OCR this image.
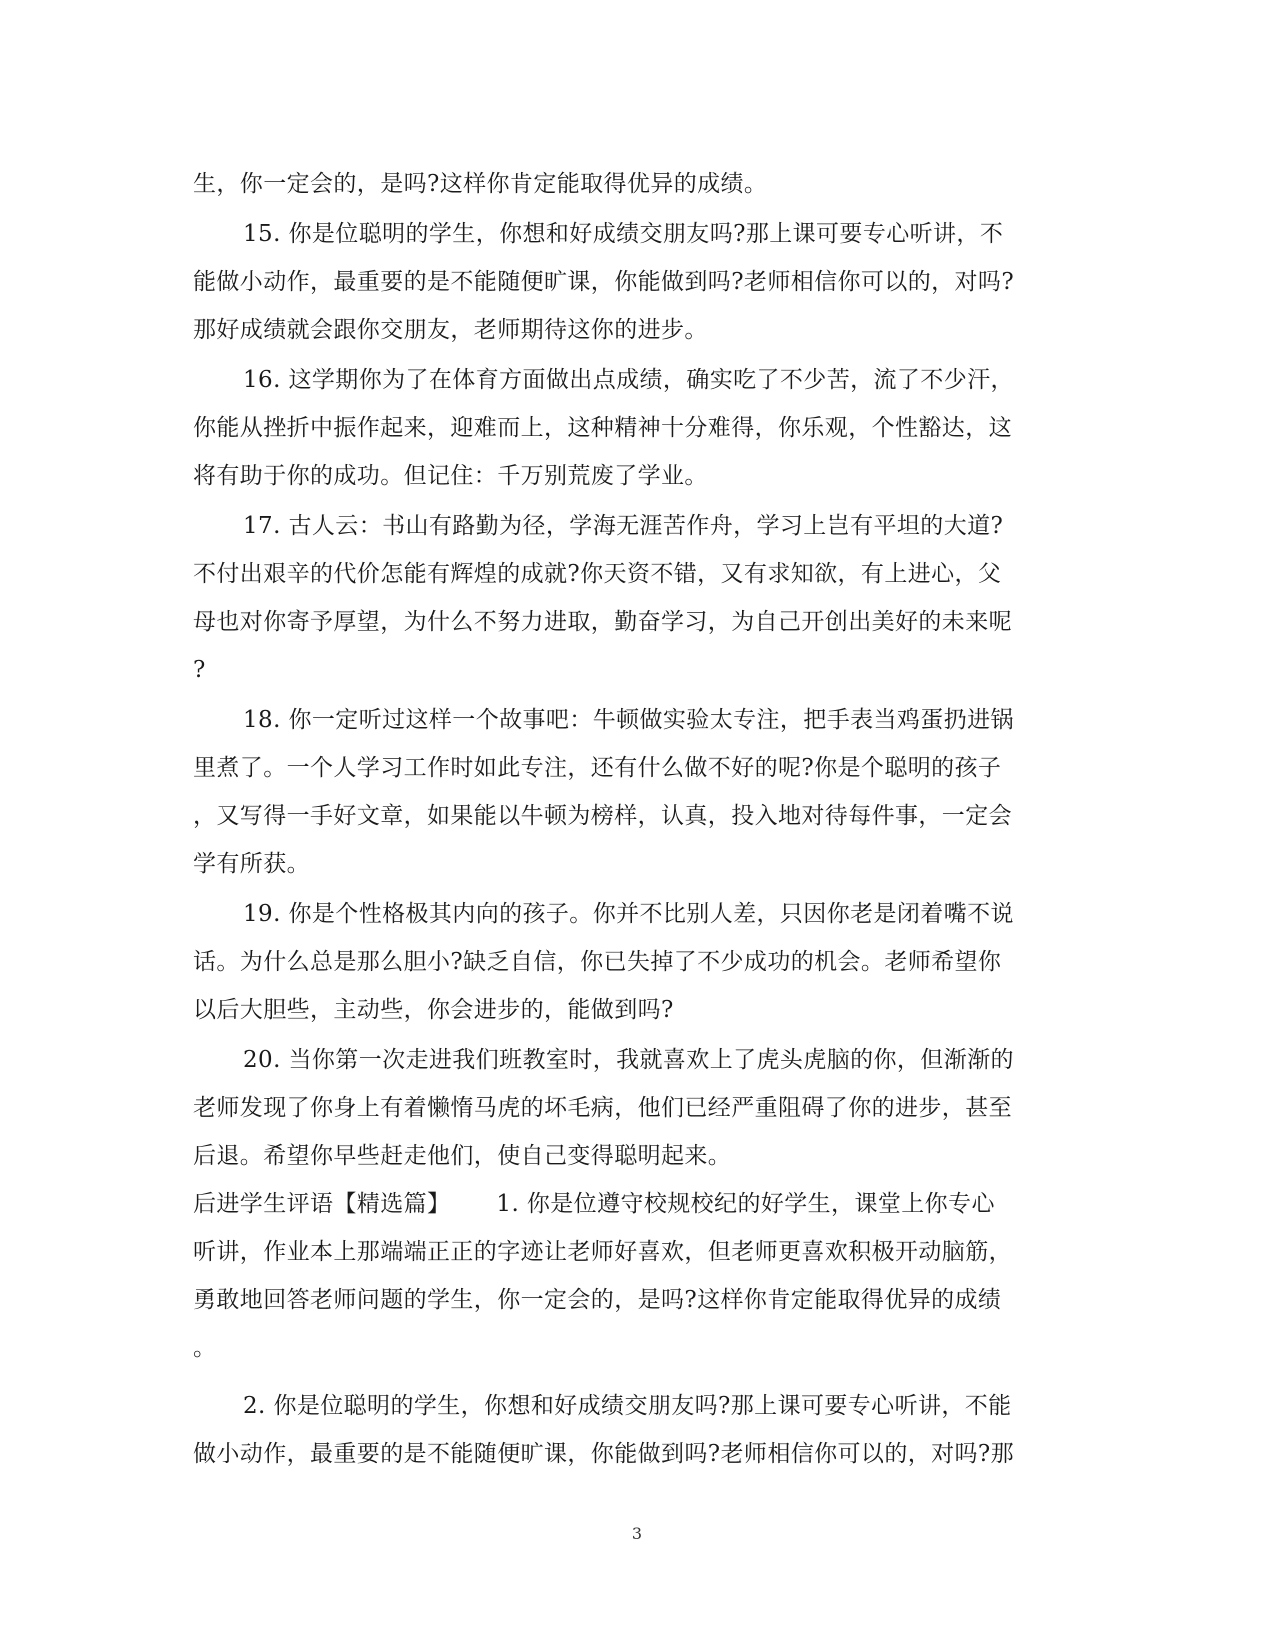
生，你一定会的，是吗?这样你肯定能取得优异的成绩。
15. 你是位聪明的学生，你想和好成绩交朋友吗?那上课可要专心听讲，不
能做小动作，最重要的是不能随便旷课，你能做到吗?老师相信你可以的，对吗?
那好成绩就会跟你交朋友，老师期待这你的进步。
16. 这学期你为了在体育方面做出点成绩，确实吃了不少苦，流了不少汗，
你能从挫折中振作起来，迎难而上，这种精神十分难得，你乐观，个性豁达，这
将有助于你的成功。但记住：千万别荒废了学业。
17. 古人云：书山有路勤为径，学海无涯苦作舟，学习上岂有平坦的大道?
不付出艰辛的代价怎能有辉煌的成就?你天资不错，又有求知欲，有上进心，父
母也对你寄予厚望，为什么不努力进取，勤奋学习，为自己开创出美好的未来呢
?
18. 你一定听过这样一个故事吧：牛顿做实验太专注，把手表当鸡蛋扔进锅
里煮了。一个人学习工作时如此专注，还有什么做不好的呢?你是个聪明的孩子
，又写得一手好文章，如果能以牛顿为榜样，认真，投入地对待每件事，一定会
学有所获。
19. 你是个性格极其内向的孩子。你并不比别人差，只因你老是闭着嘴不说
话。为什么总是那么胆小?缺乏自信，你已失掉了不少成功的机会。老师希望你
以后大胆些，主动些，你会进步的，能做到吗?
20. 当你第一次走进我们班教室时，我就喜欢上了虎头虎脑的你，但渐渐的
老师发现了你身上有着懒惰马虎的坏毛病，他们已经严重阻碍了你的进步，甚至
后退。希望你早些赶走他们，使自己变得聪明起来。
后进学生评语【精选篇】 1. 你是位遵守校规校纪的好学生，课堂上你专心
听讲，作业本上那端端正正的字迹让老师好喜欢，但老师更喜欢积极开动脑筋，
勇敢地回答老师问题的学生，你一定会的，是吗?这样你肯定能取得优异的成绩
。
2. 你是位聪明的学生，你想和好成绩交朋友吗?那上课可要专心听讲，不能
做小动作，最重要的是不能随便旷课，你能做到吗?老师相信你可以的，对吗?那
3
